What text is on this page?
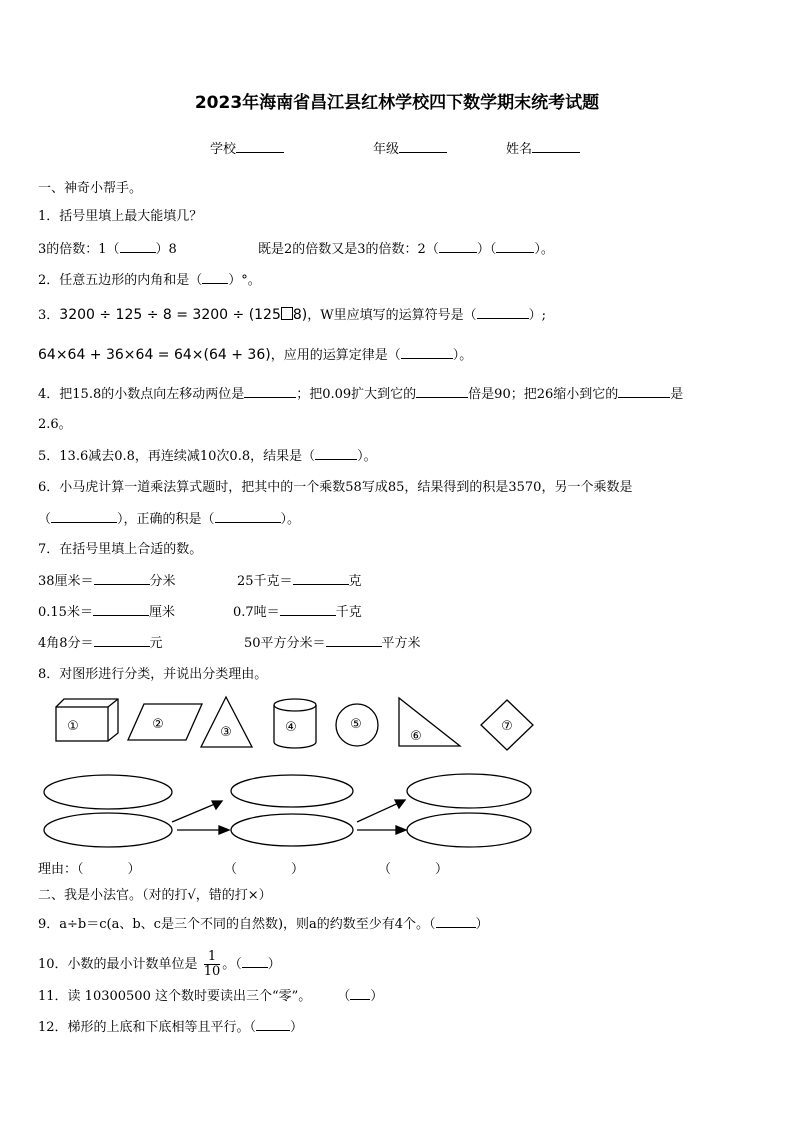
2023年海南省昌江县红林学校四下数学期末统考试题
学校	年级	姓名
一、神奇小帮手。
1．括号里填上最大能填几？
3的倍数：1（	）8	既是2的倍数又是3的倍数：2（	）（	）。
2．任意五边形的内角和是（ ）°。
3．3200 ÷ 125 ÷ 8 = 3200 ÷ (125 8)，W里应填写的运算符号是（	）;
64×64 + 36×64 = 64×(64 + 36)，应用的运算定律是（	）。
4．把15.8的小数点向左移动两位是	；把0.09扩大到它的	倍是90；把26缩小到它的	是
2.6。
5．13.6减去0.8，再连续减10次0.8，结果是（	）。
6．小马虎计算一道乘法算式题时，把其中的一个乘数58写成85，结果得到的积是3570，另一个乘数是
（	），正确的积是（	）。
7．在括号里填上合适的数。
38厘米＝	分米	25千克＝	克
0.15米＝	厘米	0.7吨＝	千克
4角8分＝	元	50平方分米＝	平方米
8．对图形进行分类，并说出分类理由。
①	②
③	④	⑤
⑥
⑦
理由：（	）	（	）	（	）
二、我是小法官。（对的打√，错的打×）
9．a÷b＝c(a、b、c是三个不同的自然数)，则a的约数至少有4个。（	）
10．小数的最小计数单位是 $\frac{1}{10}$ 。（ ）
11．读 10300500 这个数时要读出三个“零”。 （ ）
12．梯形的上底和下底相等且平行。（	）
